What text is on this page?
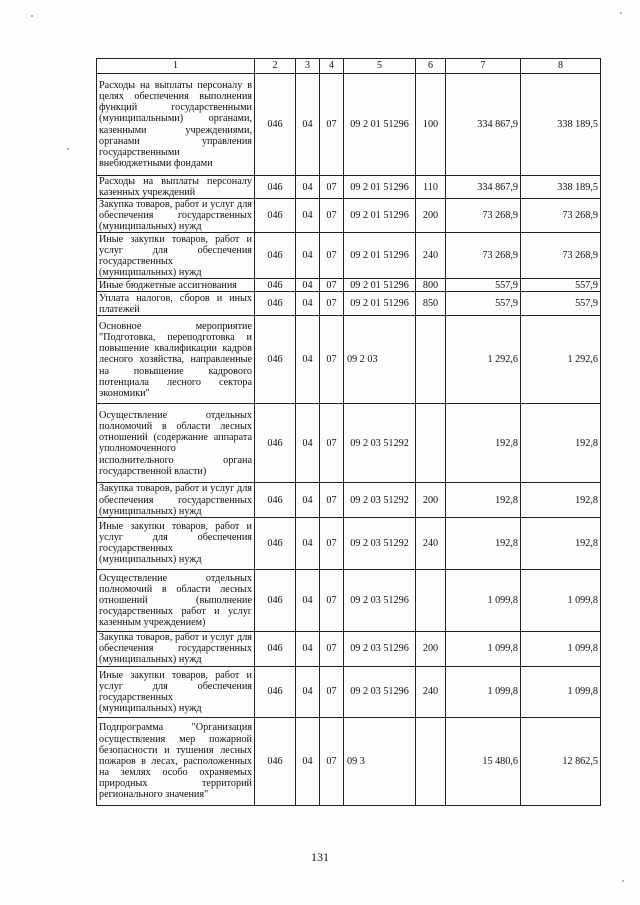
1	2	3	4	5	6	7	8
Расходы на выплаты персоналу в целях обеспечения выполнения функций государственными (муниципальными) органами, казенными учреждениями, органами управления государственными внебюджетными фондами	046	04	07	09 2 01 51296	100	334 867,9	338 189,5
Расходы на выплаты персоналу казенных учреждений	046	04	07	09 2 01 51296	110	334 867,9	338 189,5
Закупка товаров, работ и услуг для обеспечения государственных (муниципальных) нужд	046	04	07	09 2 01 51296	200	73 268,9	73 268,9
Иные закупки товаров, работ и услуг для обеспечения государственных (муниципальных) нужд	046	04	07	09 2 01 51296	240	73 268,9	73 268,9
Иные бюджетные ассигнования	046	04	07	09 2 01 51296	800	557,9	557,9
Уплата налогов, сборов и иных платежей	046	04	07	09 2 01 51296	850	557,9	557,9
Основное мероприятие "Подготовка, переподготовка и повышение квалификации кадров лесного хозяйства, направленные на повышение кадрового потенциала лесного сектора экономики"	046	04	07	09 2 03		1 292,6	1 292,6
Осуществление отдельных полномочий в области лесных отношений (содержание аппарата уполномоченного исполнительного органа государственной власти)	046	04	07	09 2 03 51292		192,8	192,8
Закупка товаров, работ и услуг для обеспечения государственных (муниципальных) нужд	046	04	07	09 2 03 51292	200	192,8	192,8
Иные закупки товаров, работ и услуг для обеспечения государственных (муниципальных) нужд	046	04	07	09 2 03 51292	240	192,8	192,8
Осуществление отдельных полномочий в области лесных отношений (выполнение государственных работ и услуг казенным учреждением)	046	04	07	09 2 03 51296		1 099,8	1 099,8
Закупка товаров, работ и услуг для обеспечения государственных (муниципальных) нужд	046	04	07	09 2 03 51296	200	1 099,8	1 099,8
Иные закупки товаров, работ и услуг для обеспечения государственных (муниципальных) нужд	046	04	07	09 2 03 51296	240	1 099,8	1 099,8
Подпрограмма "Организация осуществления мер пожарной безопасности и тушения лесных пожаров в лесах, расположенных на землях особо охраняемых природных территорий регионального значения"	046	04	07	09 3		15 480,6	12 862,5
131
